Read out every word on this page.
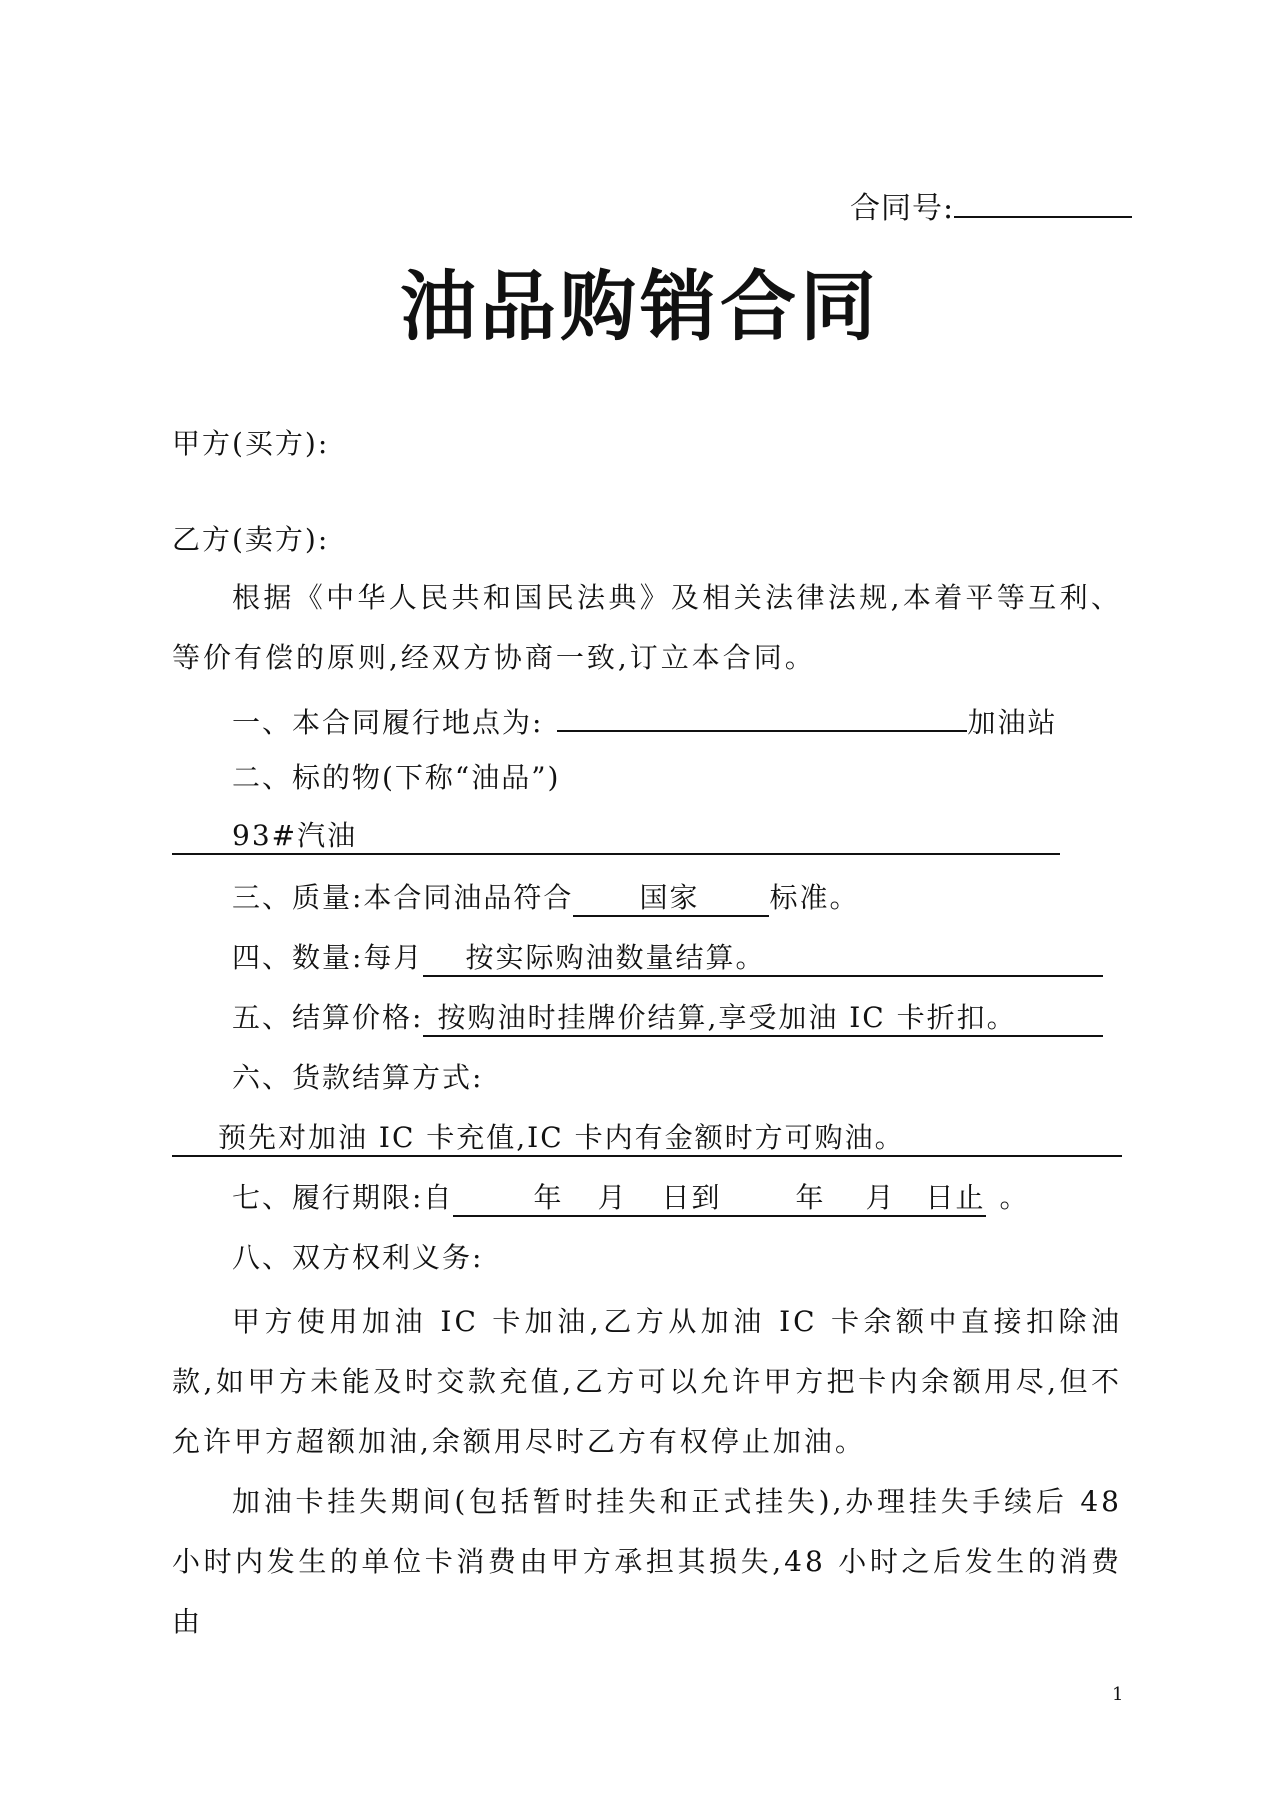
合同号:
油品购销合同
甲方(买方):
乙方(卖方):

根据《中华人民共和国民法典》及相关法律法规,本着平等互利、等价有偿的原则,经双方协商一致,订立本合同。

一、本合同履行地点为:	加油站
二、标的物(下称“油品”)
93#汽油
三、质量:本合同油品符合 国家 标准。
四、数量:每月 按实际购油数量结算。
五、结算价格: 按购油时挂牌价结算,享受加油 IC 卡折扣。
六、货款结算方式:
预先对加油 IC 卡充值,IC 卡内有金额时方可购油。
七、履行期限:自	年 月 日到	年 月 日止 。
八、双方权利义务:

甲方使用加油 IC 卡加油,乙方从加油 IC 卡余额中直接扣除油款,如甲方未能及时交款充值,乙方可以允许甲方把卡内余额用尽,但不允许甲方超额加油,余额用尽时乙方有权停止加油。

加油卡挂失期间(包括暂时挂失和正式挂失),办理挂失手续后 48 小时内发生的单位卡消费由甲方承担其损失,48 小时之后发生的消费由

1
